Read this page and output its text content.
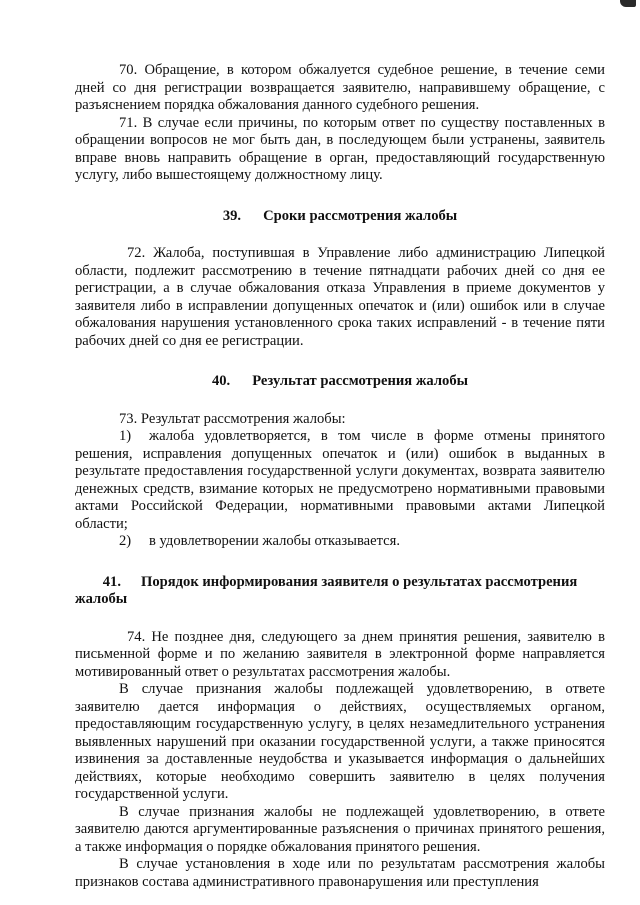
70. Обращение, в котором обжалуется судебное решение, в течение семи дней со дня регистрации возвращается заявителю, направившему обращение, с разъяснением порядка обжалования данного судебного решения.

71. В случае если причины, по которым ответ по существу поставленных в обращении вопросов не мог быть дан, в последующем были устранены, заявитель вправе вновь направить обращение в орган, предоставляющий государственную услугу, либо вышестоящему должностному лицу.

39. Сроки рассмотрения жалобы

72. Жалоба, поступившая в Управление либо администрацию Липецкой области, подлежит рассмотрению в течение пятнадцати рабочих дней со дня ее регистрации, а в случае обжалования отказа Управления в приеме документов у заявителя либо в исправлении допущенных опечаток и (или) ошибок или в случае обжалования нарушения установленного срока таких исправлений - в течение пяти рабочих дней со дня ее регистрации.

40. Результат рассмотрения жалобы

73. Результат рассмотрения жалобы:

1) жалоба удовлетворяется, в том числе в форме отмены принятого решения, исправления допущенных опечаток и (или) ошибок в выданных в результате предоставления государственной услуги документах, возврата заявителю денежных средств, взимание которых не предусмотрено нормативными правовыми актами Российской Федерации, нормативными правовыми актами Липецкой области;

2) в удовлетворении жалобы отказывается.

41. Порядок информирования заявителя о результатах рассмотрения жалобы

74. Не позднее дня, следующего за днем принятия решения, заявителю в письменной форме и по желанию заявителя в электронной форме направляется мотивированный ответ о результатах рассмотрения жалобы.

В случае признания жалобы подлежащей удовлетворению, в ответе заявителю дается информация о действиях, осуществляемых органом, предоставляющим государственную услугу, в целях незамедлительного устранения выявленных нарушений при оказании государственной услуги, а также приносятся извинения за доставленные неудобства и указывается информация о дальнейших действиях, которые необходимо совершить заявителю в целях получения государственной услуги.

В случае признания жалобы не подлежащей удовлетворению, в ответе заявителю даются аргументированные разъяснения о причинах принятого решения, а также информация о порядке обжалования принятого решения.

В случае установления в ходе или по результатам рассмотрения жалобы признаков состава административного правонарушения или преступления
